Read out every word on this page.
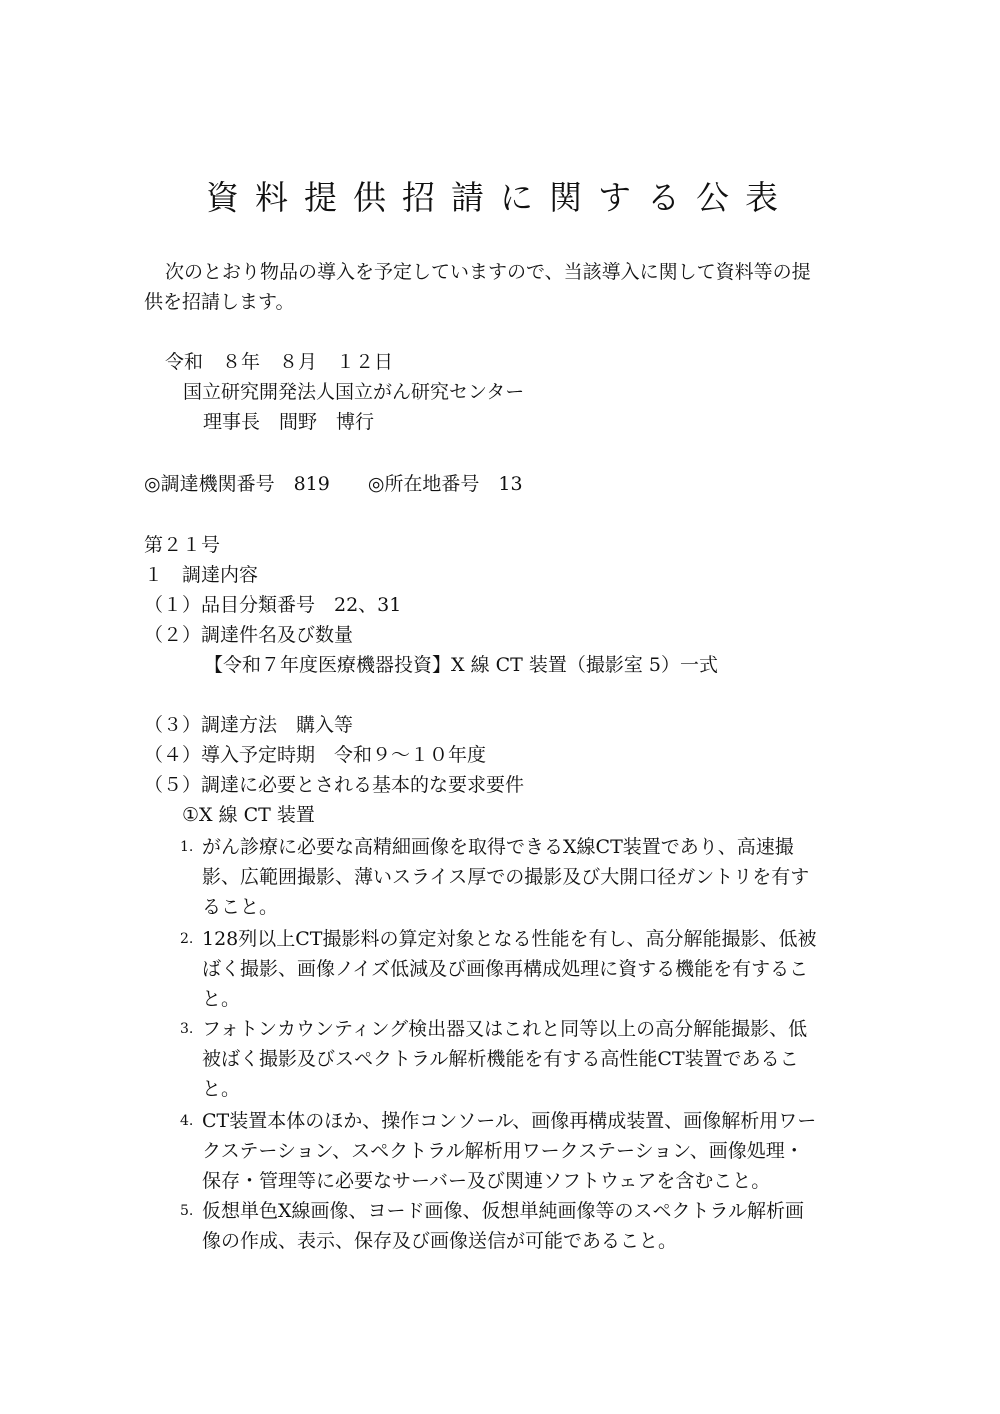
資料提供招請に関する公表
次のとおり物品の導入を予定していますので、当該導入に関して資料等の提
供を招請します。
令和　８年　８月　１２日
国立研究開発法人国立がん研究センター
理事長　間野　博行
◎調達機関番号　819　　◎所在地番号　13
第２１号
１　調達内容
（１）品目分類番号　22、31
（２）調達件名及び数量
【令和７年度医療機器投資】X 線 CT 装置（撮影室 5）一式
（３）調達方法　購入等
（４）導入予定時期　令和９～１０年度
（５）調達に必要とされる基本的な要求要件
①X 線 CT 装置
1. がん診療に必要な高精細画像を取得できるX線CT装置であり、高速撮
影、広範囲撮影、薄いスライス厚での撮影及び大開口径ガントリを有す
ること。
2. 128列以上CT撮影料の算定対象となる性能を有し、高分解能撮影、低被
ばく撮影、画像ノイズ低減及び画像再構成処理に資する機能を有するこ
と。
3. フォトンカウンティング検出器又はこれと同等以上の高分解能撮影、低
被ばく撮影及びスペクトラル解析機能を有する高性能CT装置であるこ
と。
4. CT装置本体のほか、操作コンソール、画像再構成装置、画像解析用ワー
クステーション、スペクトラル解析用ワークステーション、画像処理・
保存・管理等に必要なサーバー及び関連ソフトウェアを含むこと。
5. 仮想単色X線画像、ヨード画像、仮想単純画像等のスペクトラル解析画
像の作成、表示、保存及び画像送信が可能であること。
